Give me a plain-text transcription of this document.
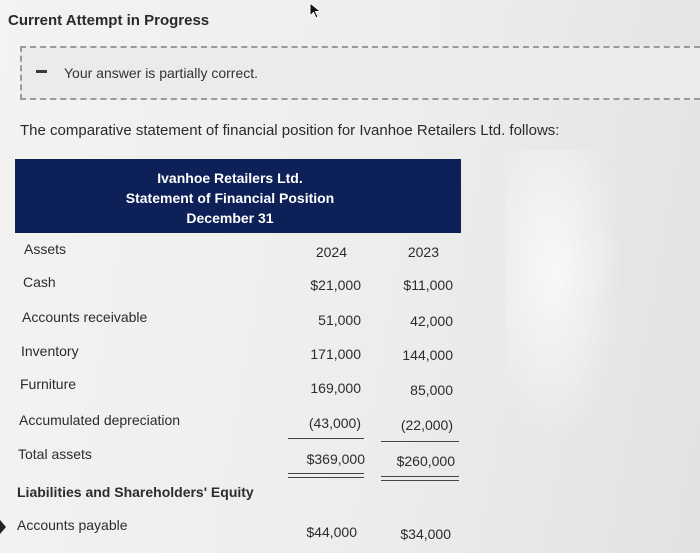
Current Attempt in Progress
Your answer is partially correct.
The comparative statement of financial position for Ivanhoe Retailers Ltd. follows:
Ivanhoe Retailers Ltd.
Statement of Financial Position
December 31
Assets	2024	2023
Cash	$21,000	$11,000
Accounts receivable	51,000	42,000
Inventory	171,000	144,000
Furniture	169,000	85,000
Accumulated depreciation	(43,000)	(22,000)
Total assets	$369,000 $260,000
Liabilities and Shareholders' Equity
Accounts payable	$44,000	$34,000
